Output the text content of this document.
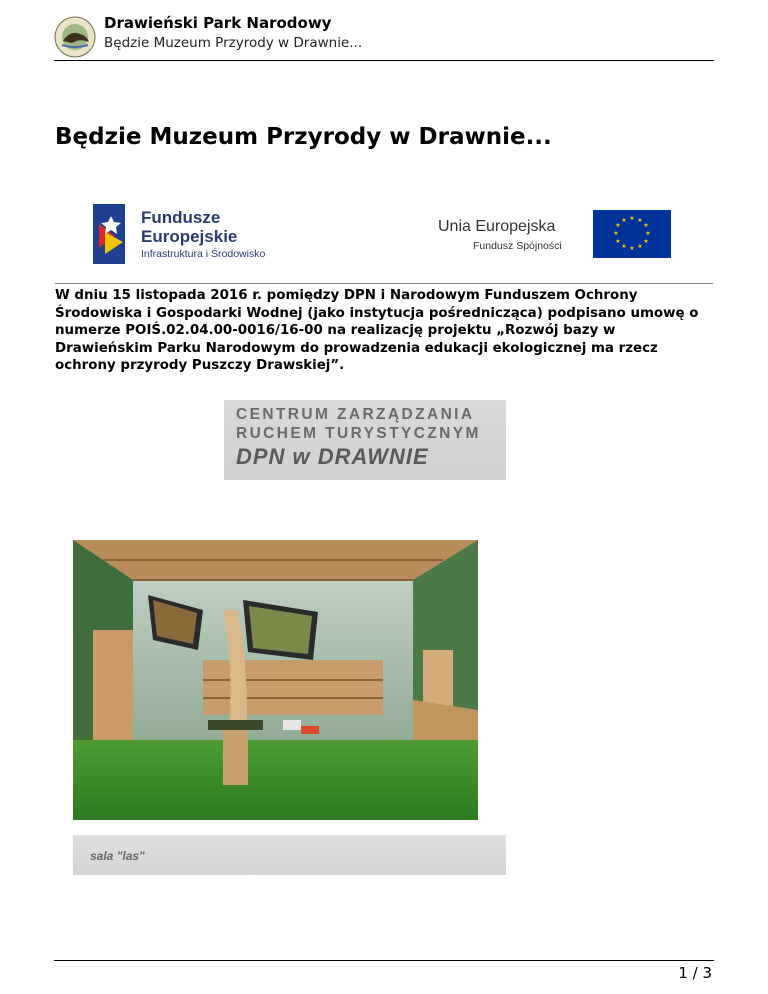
Drawieński Park Narodowy
Będzie Muzeum Przyrody w Drawnie...
Będzie Muzeum Przyrody w Drawnie...
Fundusze
Europejskie
Infrastruktura i Środowisko
Unia Europejska
Fundusz Spójności
★ ★
★
★
★
★
★
★
★
★
★
★

W dniu 15 listopada 2016 r. pomiędzy DPN i Narodowym Funduszem Ochrony Środowiska i Gospodarki Wodnej (jako instytucja pośrednicząca) podpisano umowę o numerze POIŚ.02.04.00-0016/16-00 na realizację projektu „Rozwój bazy w Drawieńskim Parku Narodowym do prowadzenia edukacji ekologicznej ma rzecz ochrony przyrody Puszczy Drawskiej”.

CENTRUM ZARZĄDZANIA
RUCHEM TURYSTYCZNYM
DPN w DRAWNIE
sala "las"
1 / 3
